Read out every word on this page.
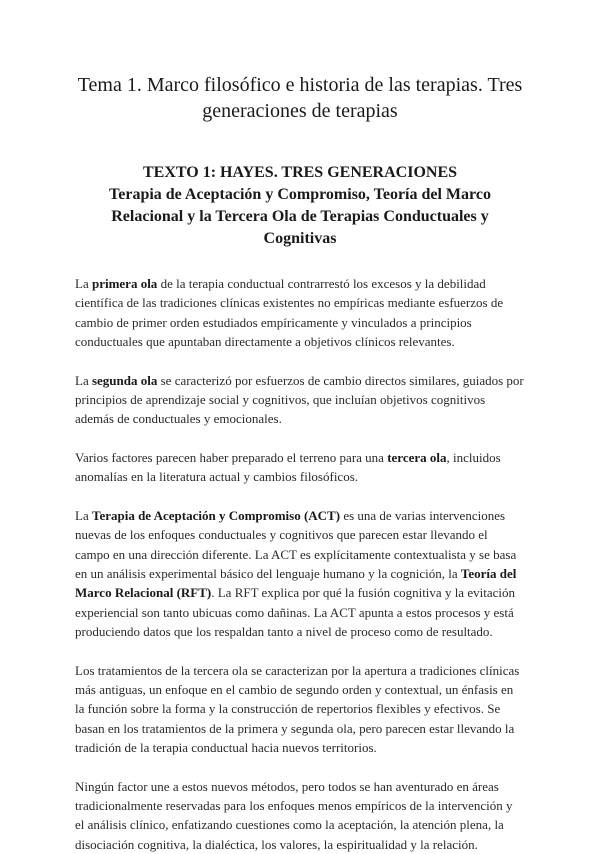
Tema 1. Marco filosófico e historia de las terapias. Tres generaciones de terapias
TEXTO 1: HAYES. TRES GENERACIONES
Terapia de Aceptación y Compromiso, Teoría del Marco Relacional y la Tercera Ola de Terapias Conductuales y Cognitivas

La primera ola de la terapia conductual contrarrestó los excesos y la debilidad científica de las tradiciones clínicas existentes no empíricas mediante esfuerzos de cambio de primer orden estudiados empíricamente y vinculados a principios conductuales que apuntaban directamente a objetivos clínicos relevantes.

La segunda ola se caracterizó por esfuerzos de cambio directos similares, guiados por principios de aprendizaje social y cognitivos, que incluían objetivos cognitivos además de conductuales y emocionales.

Varios factores parecen haber preparado el terreno para una tercera ola, incluidos anomalías en la literatura actual y cambios filosóficos.

La Terapia de Aceptación y Compromiso (ACT) es una de varias intervenciones nuevas de los enfoques conductuales y cognitivos que parecen estar llevando el campo en una dirección diferente. La ACT es explícitamente contextualista y se basa en un análisis experimental básico del lenguaje humano y la cognición, la Teoría del Marco Relacional (RFT). La RFT explica por qué la fusión cognitiva y la evitación experiencial son tanto ubicuas como dañinas. La ACT apunta a estos procesos y está produciendo datos que los respaldan tanto a nivel de proceso como de resultado.

Los tratamientos de la tercera ola se caracterizan por la apertura a tradiciones clínicas más antiguas, un enfoque en el cambio de segundo orden y contextual, un énfasis en la función sobre la forma y la construcción de repertorios flexibles y efectivos. Se basan en los tratamientos de la primera y segunda ola, pero parecen estar llevando la tradición de la terapia conductual hacia nuevos territorios.

Ningún factor une a estos nuevos métodos, pero todos se han aventurado en áreas tradicionalmente reservadas para los enfoques menos empíricos de la intervención y el análisis clínico, enfatizando cuestiones como la aceptación, la atención plena, la disociación cognitiva, la dialéctica, los valores, la espiritualidad y la relación.
